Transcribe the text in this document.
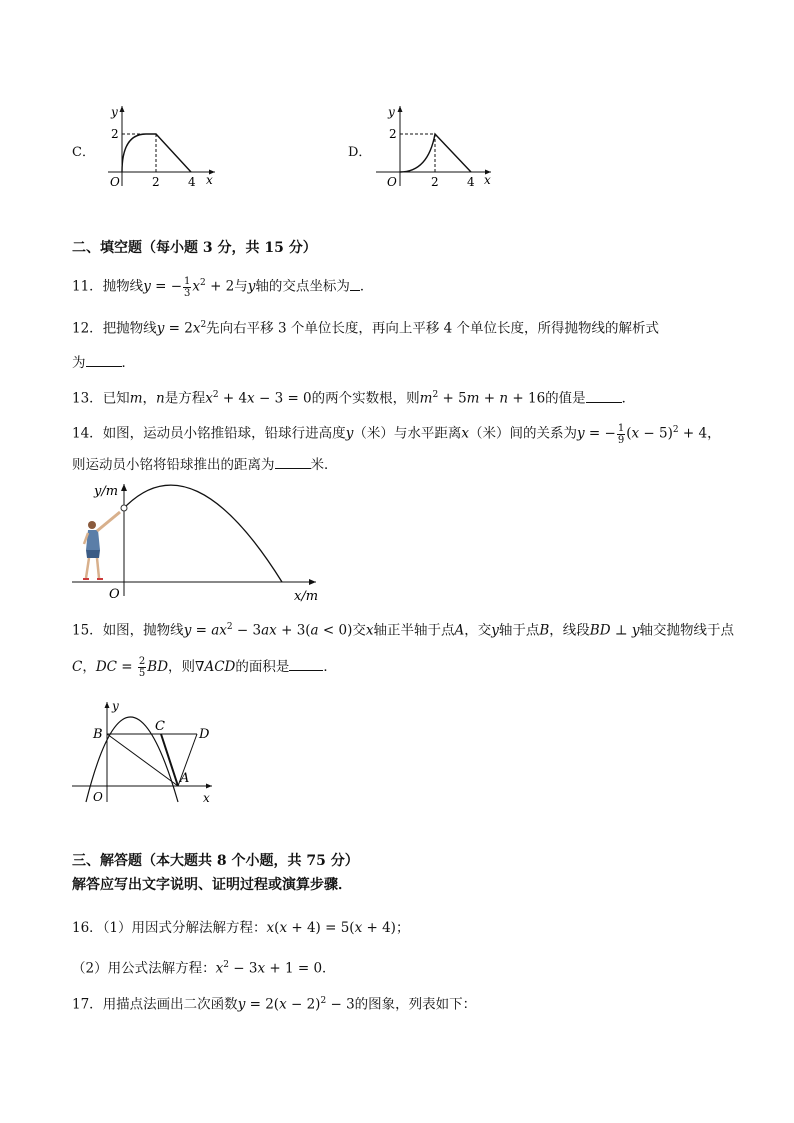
C．
y
x
O
2
2 4
D．
y
x
O
2
2 4
二、填空题（每小题 3 分，共 15 分）
11．抛物线y = − $\frac{1}{3} x^2 + 2$与y轴的交点坐标为 ．
12．把抛物线$y = 2x^2$先向右平移 3 个单位长度，再向上平移 4 个单位长度，所得抛物线的解析式
为	．
13．已知m，n是方程$x^2 + 4x - 3 = 0$的两个实数根，则$m^2 + 5m + n + 16$的值是	．
14．如图，运动员小铭推铅球，铅球行进高度y（米）与水平距离x（米）间的关系为y = − $\frac{1}{9} (x - 5)^2 + 4$，
则运动员小铭将铅球推出的距离为	米．
y/m
x/m
O
15．如图，抛物线$y = ax^2 - 3ax + 3(a < 0)$交x轴正半轴于点A，交y轴于点B，线段BD ⊥ y轴交抛物线于点
C，DC = $\frac{2}{5}$ BD，则∇ACD的面积是	．
y
x
O
B
C
D
A
三、解答题（本大题共 8 个小题，共 75 分）
解答应写出文字说明、证明过程或演算步骤．
16．（1）用因式分解法解方程：x(x + 4) = 5(x + 4)；
（2）用公式法解方程：$x^2 - 3x + 1 = 0$．
17．用描点法画出二次函数$y = 2(x - 2)^2 - 3$的图象，列表如下：
